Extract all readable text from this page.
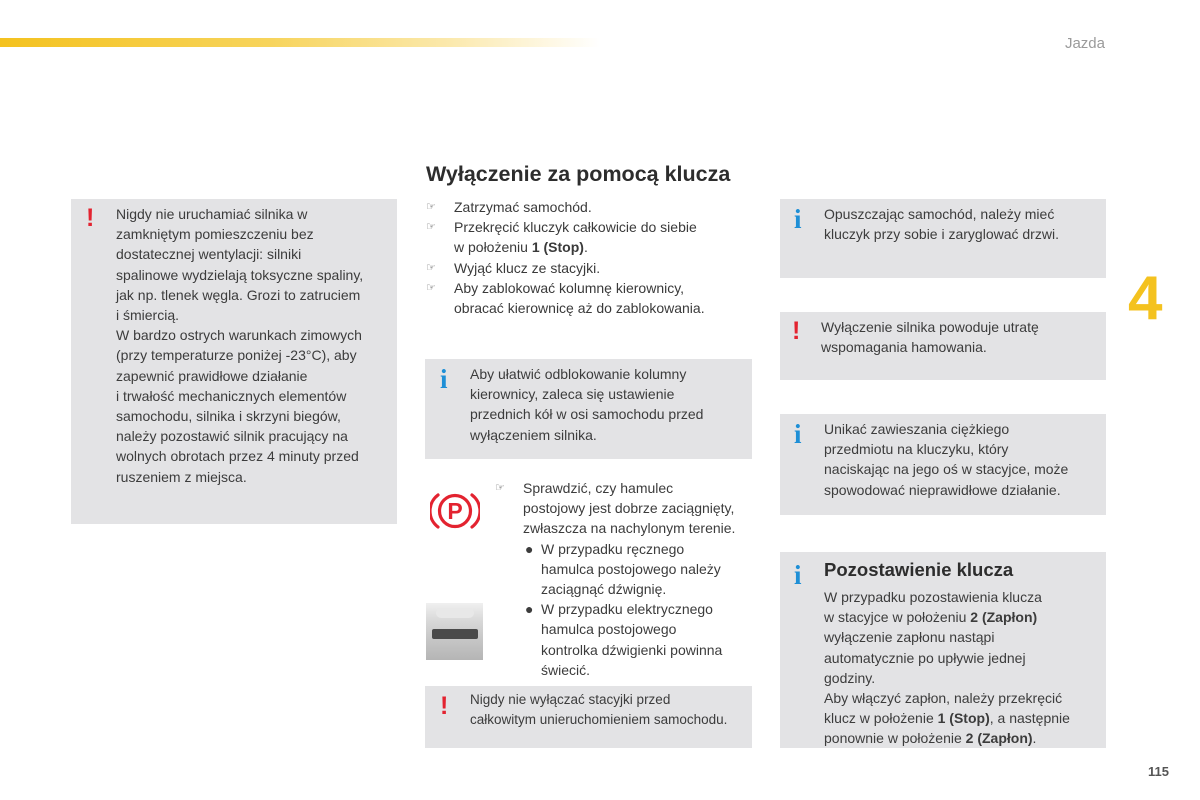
Jazda
4
115
! Nigdy nie uruchamiać silnika w

zamkniętym pomieszczeniu bez

dostatecznej wentylacji: silniki

spalinowe wydzielają toksyczne spaliny,

jak np. tlenek węgla. Grozi to zatruciem

i śmiercią.

W bardzo ostrych warunkach zimowych

(przy temperaturze poniżej -23°C), aby

zapewnić prawidłowe działanie

i trwałość mechanicznych elementów

samochodu, silnika i skrzyni biegów,

należy pozostawić silnik pracujący na

wolnych obrotach przez 4 minuty przed

ruszeniem z miejsca.

Wyłączenie za pomocą klucza
☞ Zatrzymać samochód.
☞ Przekręcić kluczyk całkowicie do siebie
w położeniu 1 (Stop).
☞ Wyjąć klucz ze stacyjki.
☞ Aby zablokować kolumnę kierownicy,
obracać kierownicę aż do zablokowania.
i Aby ułatwić odblokowanie kolumny

kierownicy, zaleca się ustawienie

przednich kół w osi samochodu przed

wyłączeniem silnika.

P
☞ Sprawdzić, czy hamulec

postojowy jest dobrze zaciągnięty,

zwłaszcza na nachylonym terenie.

● W przypadku ręcznego

hamulca postojowego należy

zaciągnąć dźwignię.

● W przypadku elektrycznego

hamulca postojowego

kontrolka dźwigienki powinna

świecić.

! Nigdy nie wyłączać stacyjki przed

całkowitym unieruchomieniem samochodu.

i Opuszczając samochód, należy mieć

kluczyk przy sobie i zaryglować drzwi.

! Wyłączenie silnika powoduje utratę

wspomagania hamowania.

i Unikać zawieszania ciężkiego

przedmiotu na kluczyku, który

naciskając na jego oś w stacyjce, może

spowodować nieprawidłowe działanie.

i Pozostawienie klucza

W przypadku pozostawienia klucza

w stacyjce w położeniu 2 (Zapłon)

wyłączenie zapłonu nastąpi

automatycznie po upływie jednej

godziny.

Aby włączyć zapłon, należy przekręcić

klucz w położenie 1 (Stop), a następnie

ponownie w położenie 2 (Zapłon).
